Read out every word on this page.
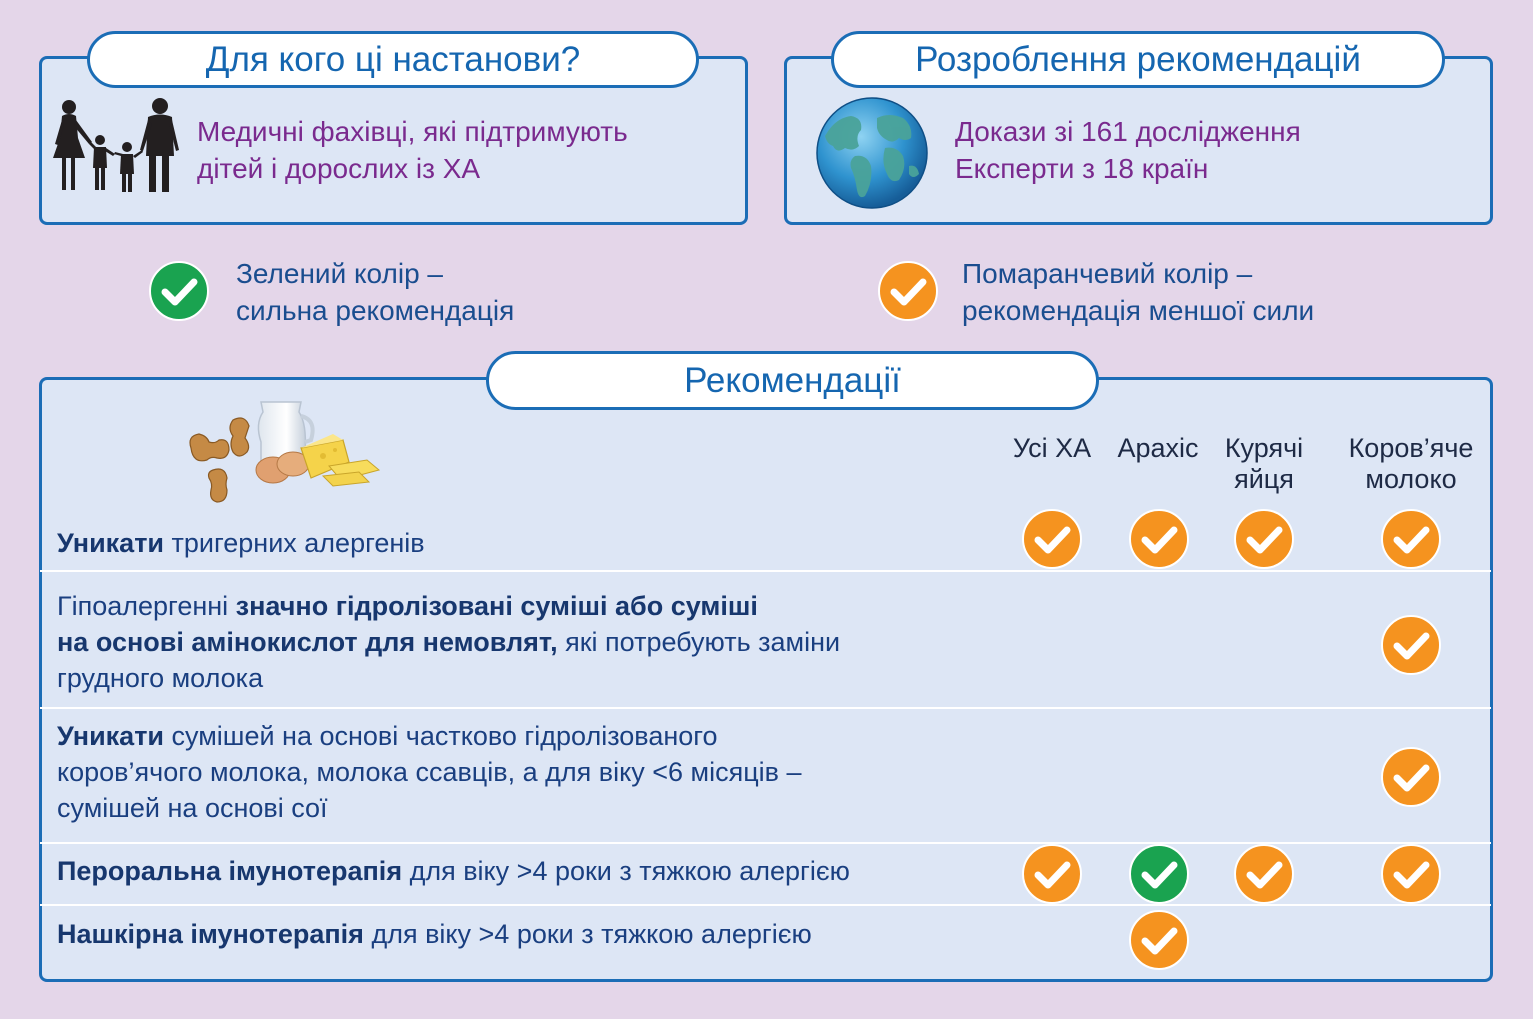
Для кого ці настанови?
Медичні фахівці, які підтримують
дітей і дорослих із ХА
Розроблення рекомендацій
Докази зі 161 дослідження
Експерти з 18 країн
Зелений колір –
сильна рекомендація
Помаранчевий колір –
рекомендація меншої сили
Рекомендації
Усі ХА Арахіс Курячі
яйця
Коров’яче
молоко
Уникати тригерних алергенів
Гіпоалергенні значно гідролізовані суміші або суміші
на основі амінокислот для немовлят, які потребують заміни
грудного молока
Уникати сумішей на основі частково гідролізованого
коров’ячого молока, молока ссавців, а для віку <6 місяців –
сумішей на основі сої
Пероральна імунотерапія для віку >4 роки з тяжкою алергією
Нашкірна імунотерапія для віку >4 роки з тяжкою алергією
